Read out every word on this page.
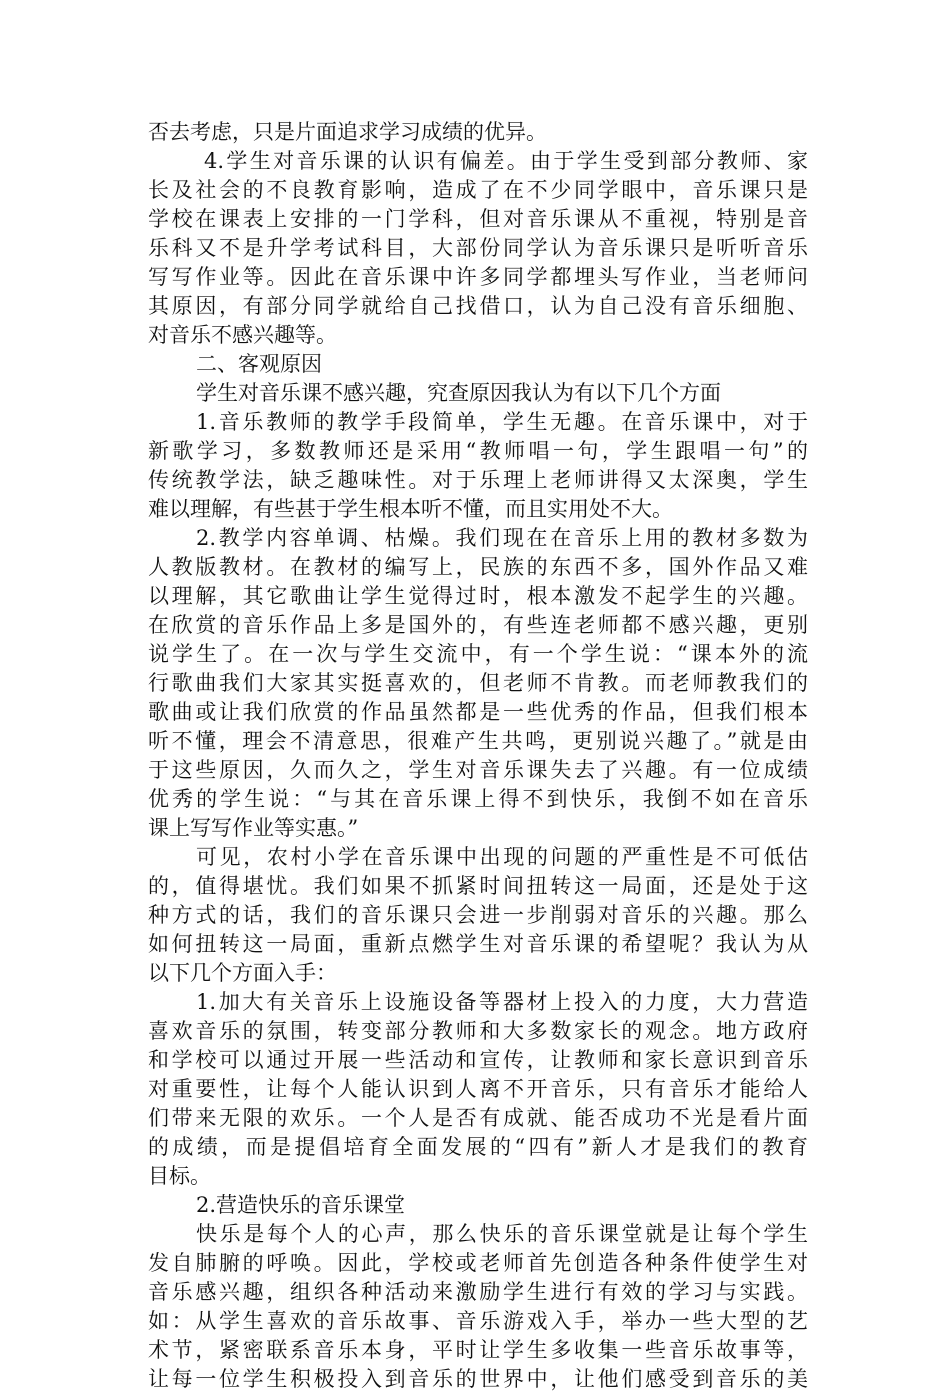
否去考虑，只是片面追求学习成绩的优异。
4.学生对音乐课的认识有偏差。由于学生受到部分教师、家
长及社会的不良教育影响，造成了在不少同学眼中，音乐课只是
学校在课表上安排的一门学科，但对音乐课从不重视，特别是音
乐科又不是升学考试科目，大部份同学认为音乐课只是听听音乐
写写作业等。因此在音乐课中许多同学都埋头写作业，当老师问
其原因，有部分同学就给自己找借口，认为自己没有音乐细胞、
对音乐不感兴趣等。
二、客观原因
学生对音乐课不感兴趣，究查原因我认为有以下几个方面
1.音乐教师的教学手段简单，学生无趣。在音乐课中，对于
新歌学习，多数教师还是采用“教师唱一句，学生跟唱一句”的
传统教学法，缺乏趣味性。对于乐理上老师讲得又太深奥，学生
难以理解，有些甚于学生根本听不懂，而且实用处不大。
2.教学内容单调、枯燥。我们现在在音乐上用的教材多数为
人教版教材。在教材的编写上，民族的东西不多，国外作品又难
以理解，其它歌曲让学生觉得过时，根本激发不起学生的兴趣。
在欣赏的音乐作品上多是国外的，有些连老师都不感兴趣，更别
说学生了。在一次与学生交流中，有一个学生说：“课本外的流
行歌曲我们大家其实挺喜欢的，但老师不肯教。而老师教我们的
歌曲或让我们欣赏的作品虽然都是一些优秀的作品，但我们根本
听不懂，理会不清意思，很难产生共鸣，更别说兴趣了。”就是由
于这些原因，久而久之，学生对音乐课失去了兴趣。有一位成绩
优秀的学生说：“与其在音乐课上得不到快乐，我倒不如在音乐
课上写写作业等实惠。”
可见，农村小学在音乐课中出现的问题的严重性是不可低估
的，值得堪忧。我们如果不抓紧时间扭转这一局面，还是处于这
种方式的话，我们的音乐课只会进一步削弱对音乐的兴趣。那么
如何扭转这一局面，重新点燃学生对音乐课的希望呢？我认为从
以下几个方面入手：
1.加大有关音乐上设施设备等器材上投入的力度，大力营造
喜欢音乐的氛围，转变部分教师和大多数家长的观念。地方政府
和学校可以通过开展一些活动和宣传，让教师和家长意识到音乐
对重要性，让每个人能认识到人离不开音乐，只有音乐才能给人
们带来无限的欢乐。一个人是否有成就、能否成功不光是看片面
的成绩，而是提倡培育全面发展的“四有”新人才是我们的教育
目标。
2.营造快乐的音乐课堂
快乐是每个人的心声，那么快乐的音乐课堂就是让每个学生
发自肺腑的呼唤。因此，学校或老师首先创造各种条件使学生对
音乐感兴趣，组织各种活动来激励学生进行有效的学习与实践。
如：从学生喜欢的音乐故事、音乐游戏入手，举办一些大型的艺
术节，紧密联系音乐本身，平时让学生多收集一些音乐故事等，
让每一位学生积极投入到音乐的世界中，让他们感受到音乐的美
